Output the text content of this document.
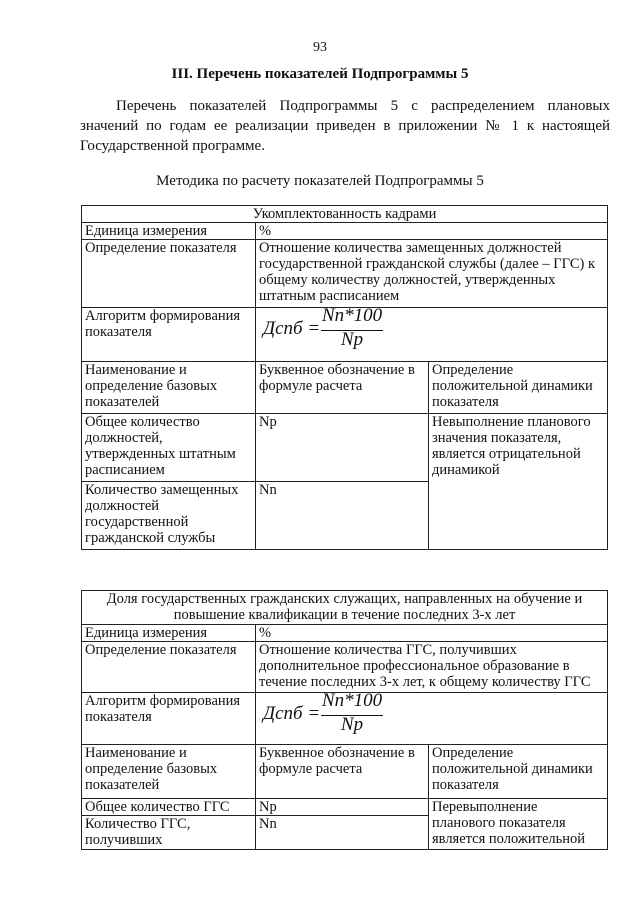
93
III. Перечень показателей Подпрограммы 5
Перечень показателей Подпрограммы 5 с распределением плановых значений по годам ее реализации приведен в приложении № 1 к настоящей Государственной программе.
Методика по расчету показателей Подпрограммы 5
Укомплектованность кадрами		
Единица измерения	%	
Определение показателя	Отношение количества замещенных должностей государственной гражданской службы (далее – ГГС) к общему количеству должностей, утвержденных штатным расписанием	
Алгоритм формирования показателя	Дспб =
Nn*100
Np	

Наименование и определение базовых показателей	Буквенное обозначение в формуле расчета	Определение положительной динамики показателя
Общее количество должностей, утвержденных штатным расписанием	Np	Невыполнение планового значения показателя, является отрицательной динамикой
Количество замещенных должностей государственной гражданской службы	Nn	
Доля государственных гражданских служащих, направленных на обучение и повышение квалификации в течение последних 3-х лет		
Единица измерения	%	
Определение показателя	Отношение количества ГГС, получивших дополнительное профессиональное образование в течение последних 3-х лет, к общему количеству ГГС	
Алгоритм формирования показателя	Дспб =
Nn*100
Np	

Наименование и определение базовых показателей	Буквенное обозначение в формуле расчета	Определение положительной динамики показателя
Общее количество ГГС	Np	Перевыполнение планового показателя является положительной
Количество ГГС, получивших	Nn	
